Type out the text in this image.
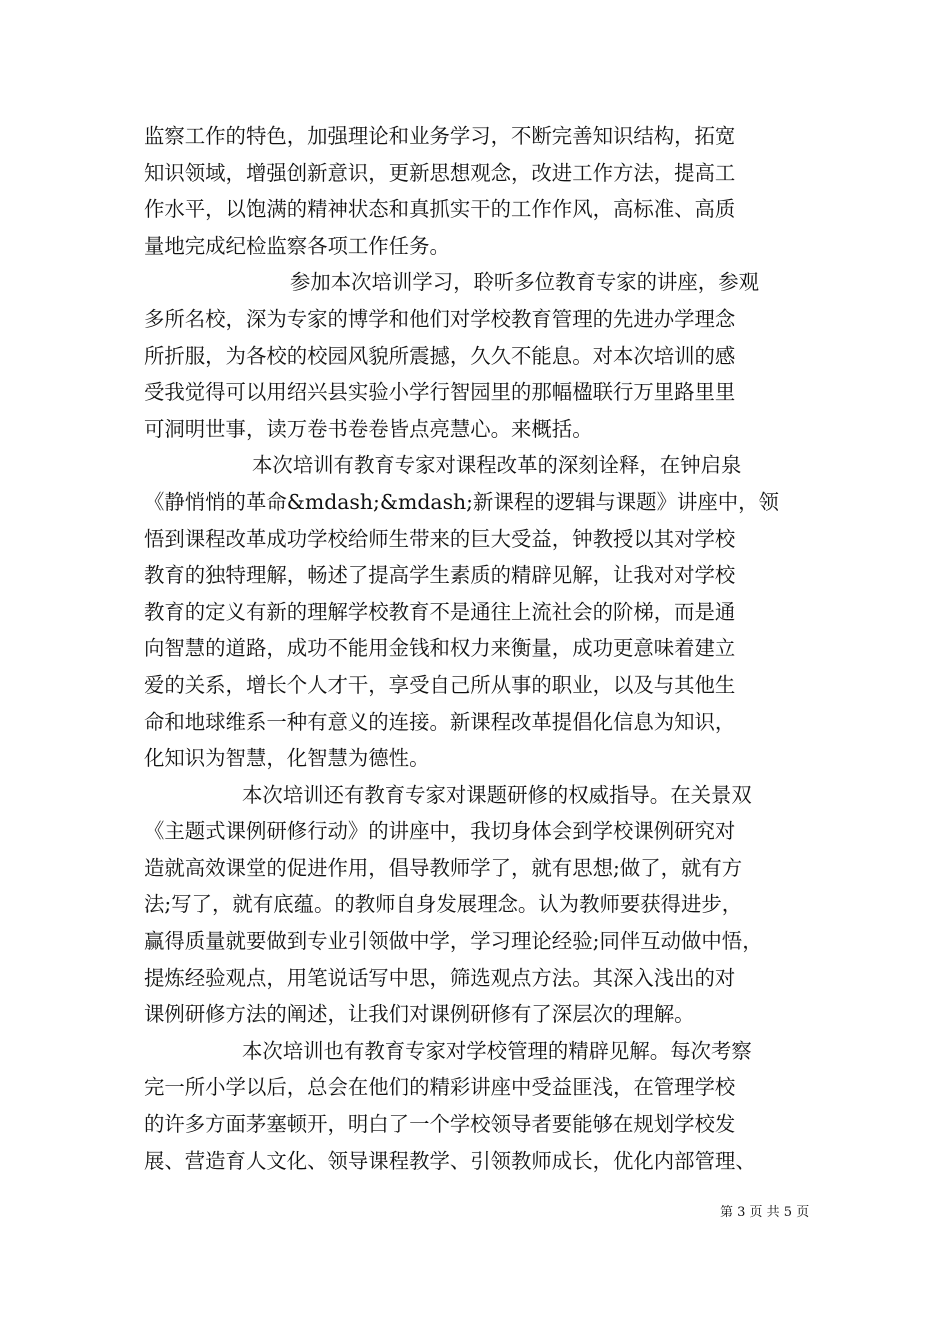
监察工作的特色，加强理论和业务学习，不断完善知识结构，拓宽
知识领域，增强创新意识，更新思想观念，改进工作方法，提高工
作水平，以饱满的精神状态和真抓实干的工作作风，高标准、高质
量地完成纪检监察各项工作任务。
参加本次培训学习，聆听多位教育专家的讲座，参观
多所名校，深为专家的博学和他们对学校教育管理的先进办学理念
所折服，为各校的校园风貌所震撼，久久不能息。对本次培训的感
受我觉得可以用绍兴县实验小学行智园里的那幅楹联行万里路里里
可洞明世事，读万卷书卷卷皆点亮慧心。来概括。
本次培训有教育专家对课程改革的深刻诠释，在钟启泉
《静悄悄的革命&mdash;&mdash;新课程的逻辑与课题》讲座中，领
悟到课程改革成功学校给师生带来的巨大受益，钟教授以其对学校
教育的独特理解，畅述了提高学生素质的精辟见解，让我对对学校
教育的定义有新的理解学校教育不是通往上流社会的阶梯，而是通
向智慧的道路，成功不能用金钱和权力来衡量，成功更意味着建立
爱的关系，增长个人才干，享受自己所从事的职业，以及与其他生
命和地球维系一种有意义的连接。新课程改革提倡化信息为知识，
化知识为智慧，化智慧为德性。
本次培训还有教育专家对课题研修的权威指导。在关景双
《主题式课例研修行动》的讲座中，我切身体会到学校课例研究对
造就高效课堂的促进作用，倡导教师学了，就有思想;做了，就有方
法;写了，就有底蕴。的教师自身发展理念。认为教师要获得进步，
赢得质量就要做到专业引领做中学，学习理论经验;同伴互动做中悟，
提炼经验观点，用笔说话写中思，筛选观点方法。其深入浅出的对
课例研修方法的阐述，让我们对课例研修有了深层次的理解。
本次培训也有教育专家对学校管理的精辟见解。每次考察
完一所小学以后，总会在他们的精彩讲座中受益匪浅，在管理学校
的许多方面茅塞顿开，明白了一个学校领导者要能够在规划学校发
展、营造育人文化、领导课程教学、引领教师成长，优化内部管理、
第 3 页 共 5 页
